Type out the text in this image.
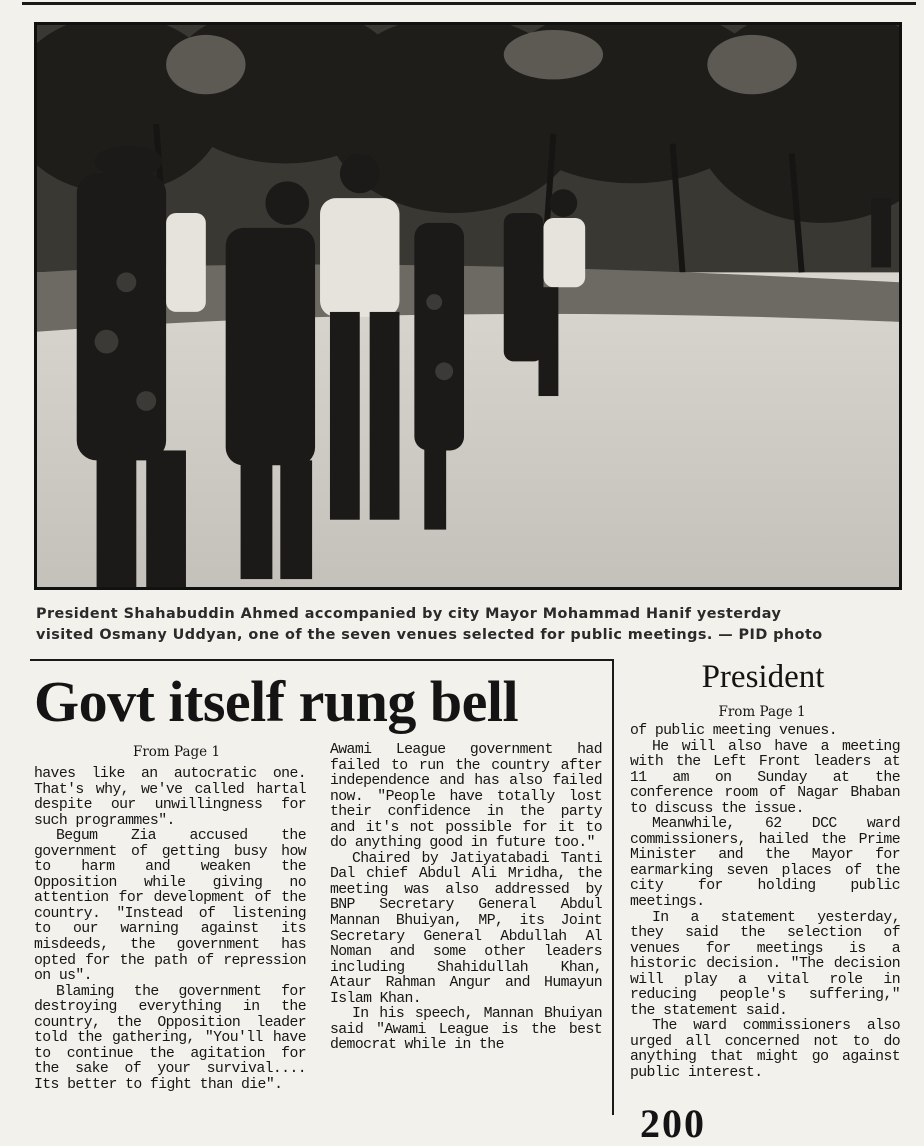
President Shahabuddin Ahmed accompanied by city Mayor Mohammad Hanif yesterday
visited Osmany Uddyan, one of the seven venues selected for public meetings. — PID photo
Govt itself rung bell

From Page 1

haves like an autocratic one. That's why, we've called hartal despite our unwillingness for such programmes".

Begum Zia accused the government of getting busy how to harm and weaken the Opposition while giving no attention for development of the country. "Instead of listening to our warning against its misdeeds, the government has opted for the path of repression on us".

Blaming the government for destroying everything in the country, the Opposition leader told the gathering, "You'll have to continue the agitation for the sake of your survival.... Its better to fight than die".

Awami League government had failed to run the country after independence and has also failed now. "People have totally lost their confidence in the party and it's not possible for it to do anything good in future too."

Chaired by Jatiyatabadi Tanti Dal chief Abdul Ali Mridha, the meeting was also addressed by BNP Secretary General Abdul Mannan Bhuiyan, MP, its Joint Secretary General Abdullah Al Noman and some other leaders including Shahidullah Khan, Ataur Rahman Angur and Humayun Islam Khan.

In his speech, Mannan Bhuiyan said "Awami League is the best democrat while in the

President

From Page 1

of public meeting venues.

He will also have a meeting with the Left Front leaders at 11 am on Sunday at the conference room of Nagar Bhaban to discuss the issue.

Meanwhile, 62 DCC ward commissioners, hailed the Prime Minister and the Mayor for earmarking seven places of the city for holding public meetings.

In a statement yesterday, they said the selection of venues for meetings is a historic decision. "The decision will play a vital role in reducing people's suffering," the statement said.

The ward commissioners also urged all concerned not to do anything that might go against public interest.

200
